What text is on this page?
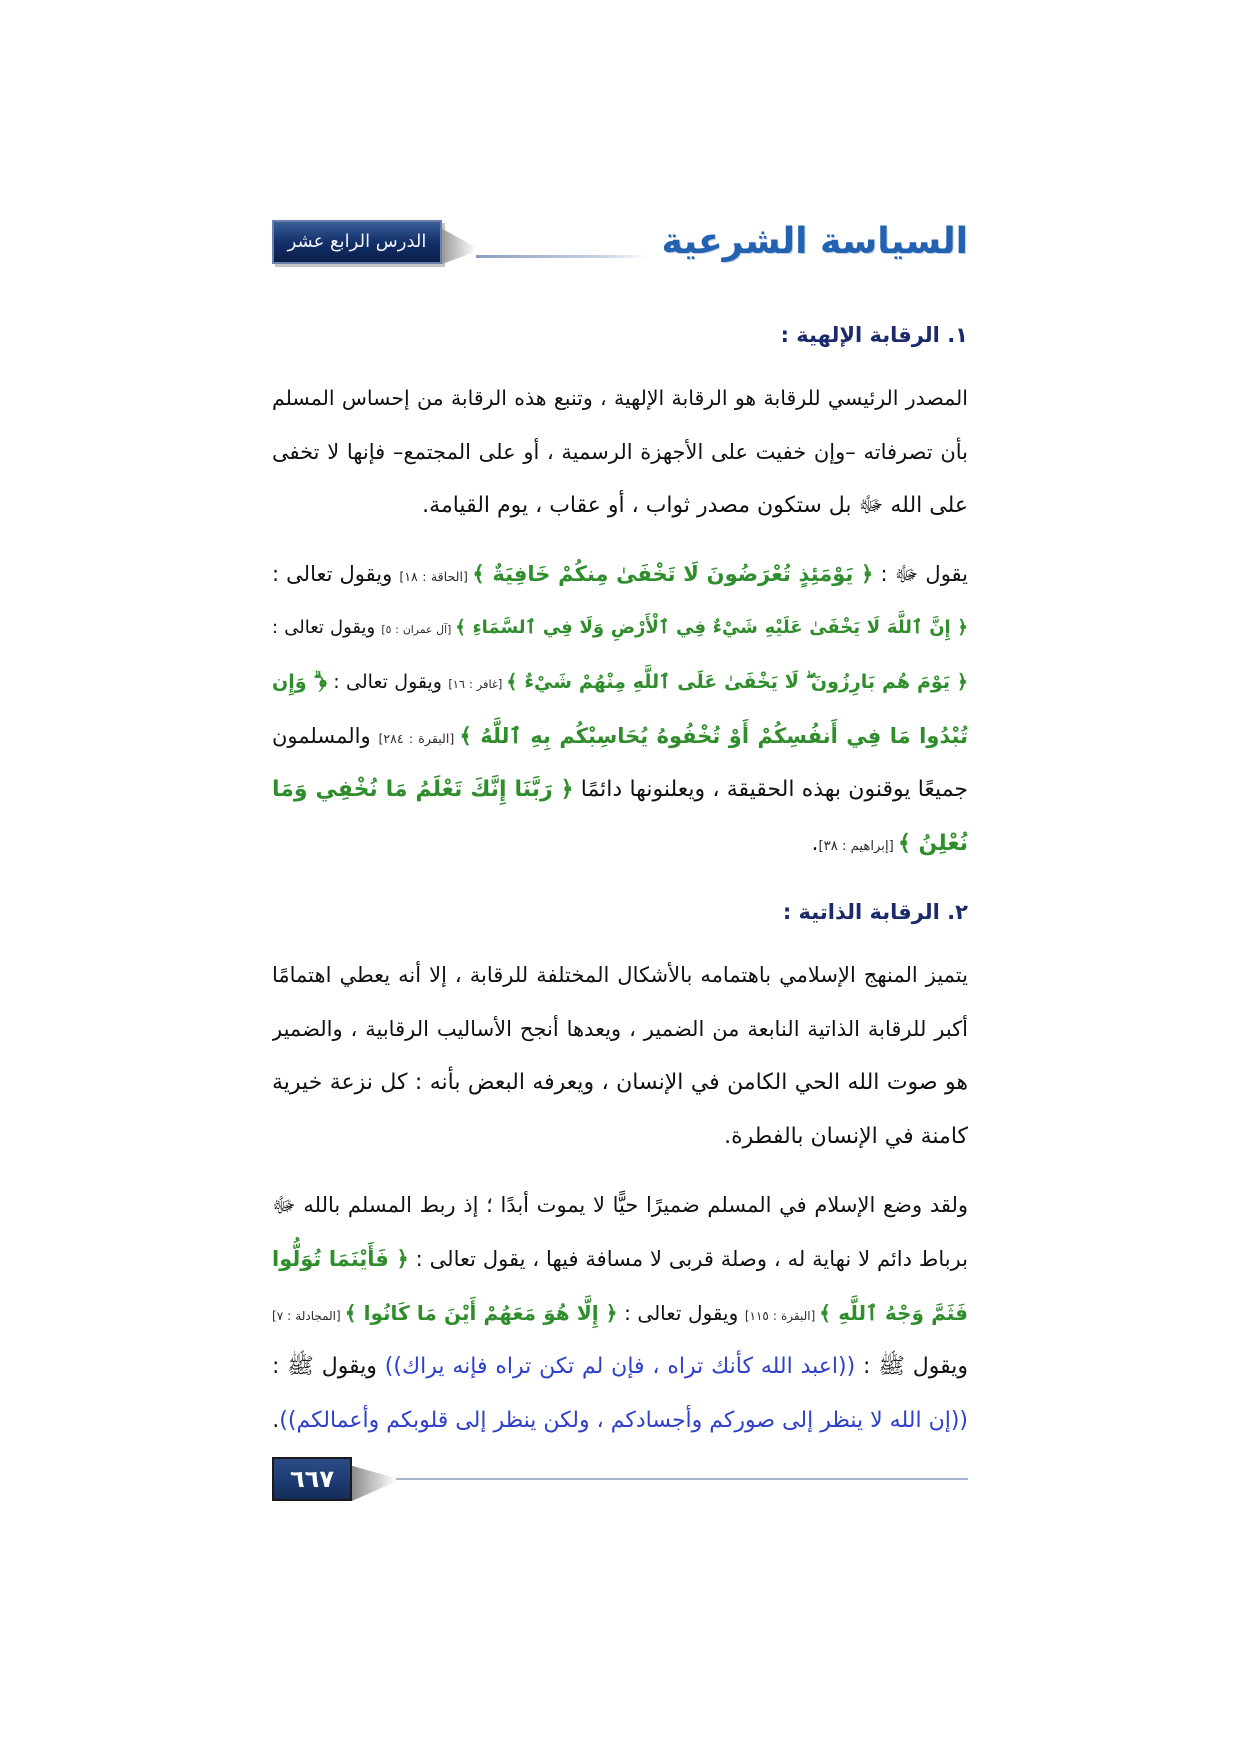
الدرس الرابع عشر	السياسة الشرعية
١. الرقابة الإلهية :
المصدر الرئيسي للرقابة هو الرقابة الإلهية ، وتنبع هذه الرقابة من إحساس المسلم
بأن تصرفاته –وإن خفيت على الأجهزة الرسمية ، أو على المجتمع– فإنها لا تخفى
على الله ﷻ بل ستكون مصدر ثواب ، أو عقاب ، يوم القيامة.
يقول ﷻ : ﴿ يَوْمَئِذٍ تُعْرَضُونَ لَا تَخْفَىٰ مِنكُمْ خَافِيَةٌ ﴾ [الحاقة : ١٨] ويقول تعالى :
﴿ إِنَّ ٱللَّهَ لَا يَخْفَىٰ عَلَيْهِ شَيْءٌ فِي ٱلْأَرْضِ وَلَا فِي ٱلسَّمَاءِ ﴾ [آل عمران : ٥] ويقول تعالى :
﴿ يَوْمَ هُم بَارِزُونَ ۖ لَا يَخْفَىٰ عَلَى ٱللَّهِ مِنْهُمْ شَيْءٌ ﴾ [غافر : ١٦] ويقول تعالى : ﴿ ۗ وَإِن
تُبْدُوا مَا فِي أَنفُسِكُمْ أَوْ تُخْفُوهُ يُحَاسِبْكُم بِهِ ٱللَّهُ ﴾ [البقرة : ٢٨٤] والمسلمون
جميعًا يوقنون بهذه الحقيقة ، ويعلنونها دائمًا ﴿ رَبَّنَا إِنَّكَ تَعْلَمُ مَا نُخْفِي وَمَا
نُعْلِنُ ﴾ [إبراهيم : ٣٨].
٢. الرقابة الذاتية :
يتميز المنهج الإسلامي باهتمامه بالأشكال المختلفة للرقابة ، إلا أنه يعطي اهتمامًا
أكبر للرقابة الذاتية النابعة من الضمير ، ويعدها أنجح الأساليب الرقابية ، والضمير
هو صوت الله الحي الكامن في الإنسان ، ويعرفه البعض بأنه : كل نزعة خيرية
كامنة في الإنسان بالفطرة.
ولقد وضع الإسلام في المسلم ضميرًا حيًّا لا يموت أبدًا ؛ إذ ربط المسلم بالله ﷻ
برباط دائم لا نهاية له ، وصلة قربى لا مسافة فيها ، يقول تعالى : ﴿ فَأَيْنَمَا تُوَلُّوا
فَثَمَّ وَجْهُ ٱللَّهِ ﴾ [البقرة : ١١٥] ويقول تعالى : ﴿ إِلَّا هُوَ مَعَهُمْ أَيْنَ مَا كَانُوا ﴾ [المجادلة : ٧]
ويقول ﷺ : ((اعبد الله كأنك تراه ، فإن لم تكن تراه فإنه يراك)) ويقول ﷺ :
((إن الله لا ينظر إلى صوركم وأجسادكم ، ولكن ينظر إلى قلوبكم وأعمالكم)).
٦٦٧
